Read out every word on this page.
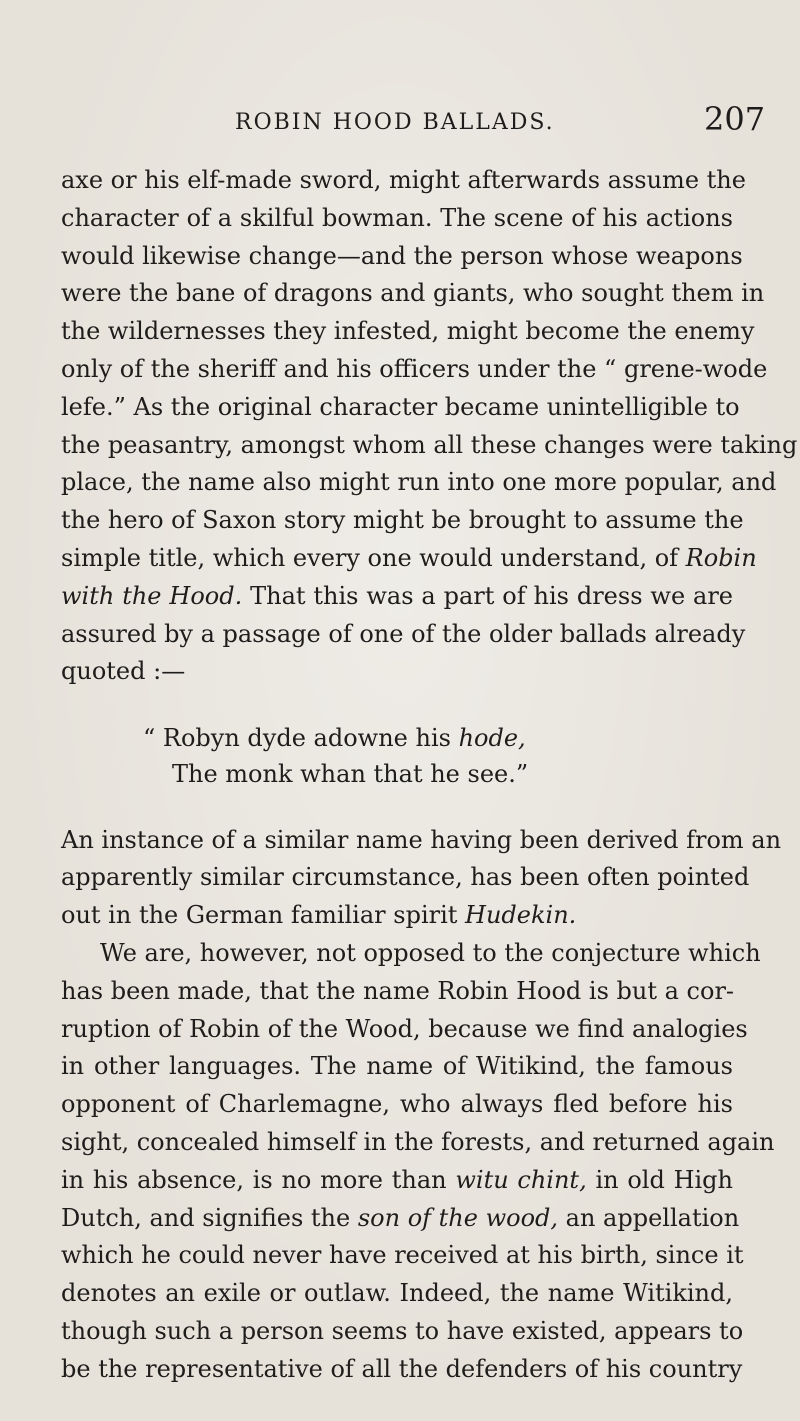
ROBIN HOOD BALLADS.	207
axe or his elf-made sword, might afterwards assume the
character of a skilful bowman. The scene of his actions
would likewise change—and the person whose weapons
were the bane of dragons and giants, who sought them in
the wildernesses they infested, might become the enemy
only of the sheriff and his officers under the “ grene-wode
lefe.” As the original character became unintelligible to
the peasantry, amongst whom all these changes were taking
place, the name also might run into one more popular, and
the hero of Saxon story might be brought to assume the
simple title, which every one would understand, of Robin
with the Hood. That this was a part of his dress we are
assured by a passage of one of the older ballads already
quoted :—
“ Robyn dyde adowne his hode,
The monk whan that he see.”
An instance of a similar name having been derived from an
apparently similar circumstance, has been often pointed
out in the German familiar spirit Hudekin.
We are, however, not opposed to the conjecture which
has been made, that the name Robin Hood is but a cor-
ruption of Robin of the Wood, because we find analogies
in other languages. The name of Witikind, the famous
opponent of Charlemagne, who always fled before his
sight, concealed himself in the forests, and returned again
in his absence, is no more than witu chint, in old High
Dutch, and signifies the son of the wood, an appellation
which he could never have received at his birth, since it
denotes an exile or outlaw. Indeed, the name Witikind,
though such a person seems to have existed, appears to
be the representative of all the defenders of his country
